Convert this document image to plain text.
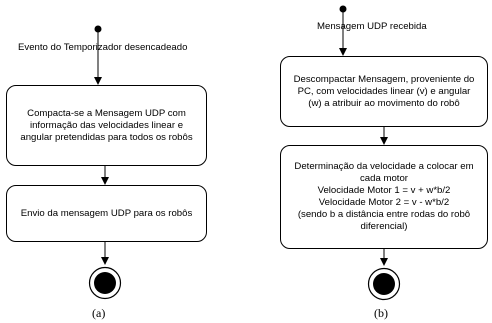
Evento do Temporizador desencadeado
Compacta-se a Mensagem UDP com
informação das velocidades linear e
angular pretendidas para todos os robôs
Envio da mensagem UDP para os robôs
(a)
Mensagem UDP recebida
Descompactar Mensagem, proveniente do
PC, com velocidades linear (v) e angular
(w) a atribuir ao movimento do robô
Determinação da velocidade a colocar em
cada motor
Velocidade Motor 1 = v + w*b/2
Velocidade Motor 2 = v - w*b/2
(sendo b a distância entre rodas do robô
diferencial)
(b)
